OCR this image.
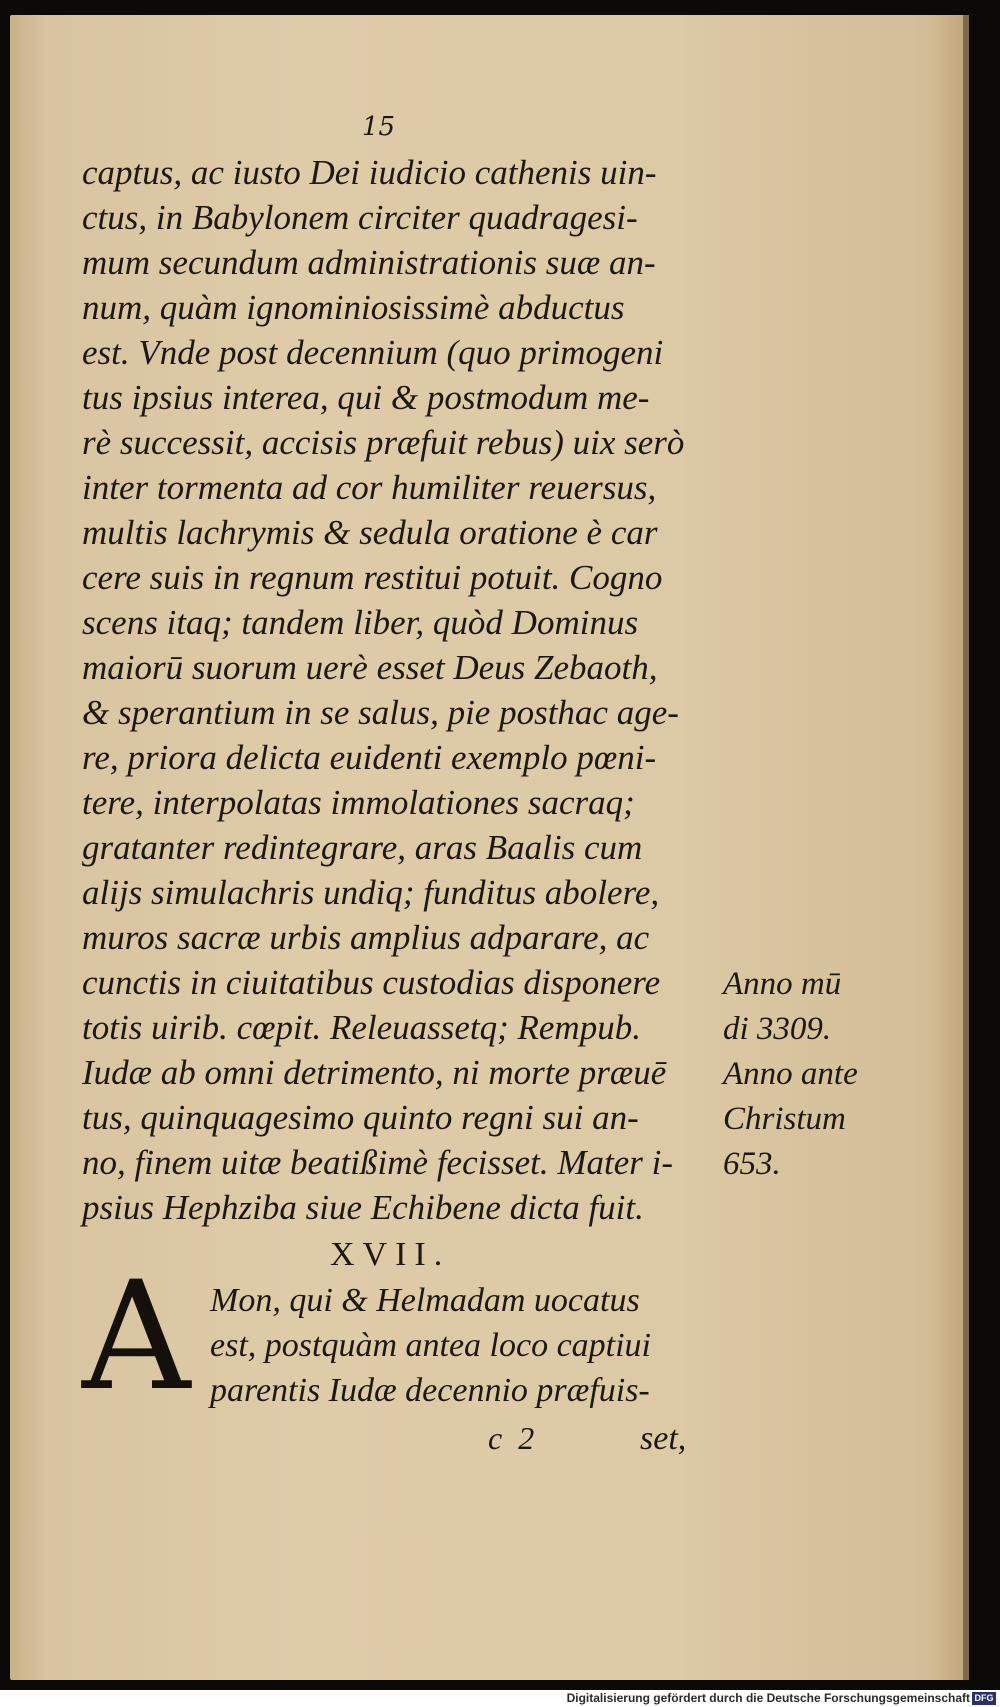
15
captus, ac iusto Dei iudicio cathenis uin-
ctus, in Babylonem circiter quadragesi-
mum secundum administrationis suæ an-
num, quàm ignominiosissimè abductus
est. Vnde post decennium (quo primogeni
tus ipsius interea, qui & postmodum me-
rè successit, accisis præfuit rebus) uix serò
inter tormenta ad cor humiliter reuersus,
multis lachrymis & sedula oratione è car
cere suis in regnum restitui potuit. Cogno
scens itaq; tandem liber, quòd Dominus
maiorū suorum uerè esset Deus Zebaoth,
& sperantium in se salus, pie posthac age-
re, priora delicta euidenti exemplo pœni-
tere, interpolatas immolationes sacraq;
gratanter redintegrare, aras Baalis cum
alijs simulachris undiq; funditus abolere,
muros sacræ urbis amplius adparare, ac
cunctis in ciuitatibus custodias disponere
totis uirib. cœpit. Releuassetq; Rempub.
Iudæ ab omni detrimento, ni morte præuē
tus, quinquagesimo quinto regni sui an-
no, finem uitæ beatißimè fecisset. Mater i-
psius Hephziba siue Echibene dicta fuit.
Anno mū
di 3309.
Anno ante
Christum
653.
XVII.
A Mon, qui & Helmadam uocatus
est, postquàm antea loco captiui
parentis Iudæ decennio præfuis-
c 2	set,
Digitalisierung gefördert durch die Deutsche Forschungsgemeinschaft DFG
